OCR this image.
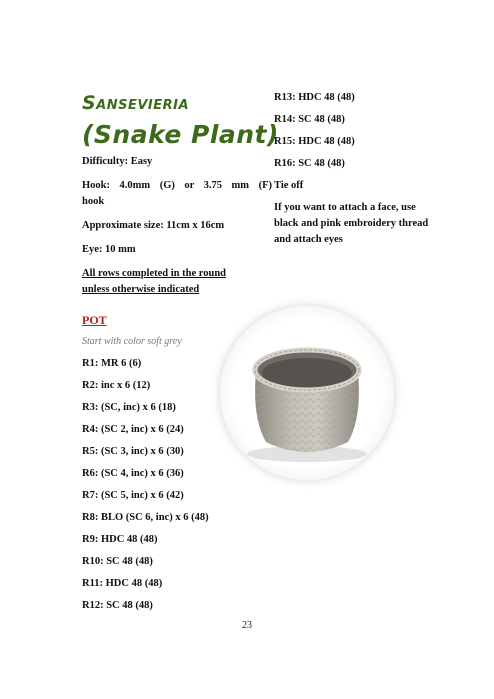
Sansevieria
(Snake Plant)

Difficulty: Easy

Hook: 4.0mm (G) or 3.75 mm (F)

hook

Approximate size: 11cm x 16cm

Eye: 10 mm

All rows completed in the round

unless otherwise indicated

POT
Start with color soft grey
R1: MR 6 (6)
R2: inc x 6 (12)
R3: (SC, inc) x 6 (18)
R4: (SC 2, inc) x 6 (24)
R5: (SC 3, inc) x 6 (30)
R6: (SC 4, inc) x 6 (36)
R7: (SC 5, inc) x 6 (42)
R8: BLO (SC 6, inc) x 6 (48)
R9: HDC 48 (48)
R10: SC 48 (48)
R11: HDC 48 (48)
R12: SC 48 (48)
R13: HDC 48 (48)
R14: SC 48 (48)
R15: HDC 48 (48)
R16: SC 48 (48)
Tie off
If you want to attach a face, use
black and pink embroidery thread
and attach eyes
23
